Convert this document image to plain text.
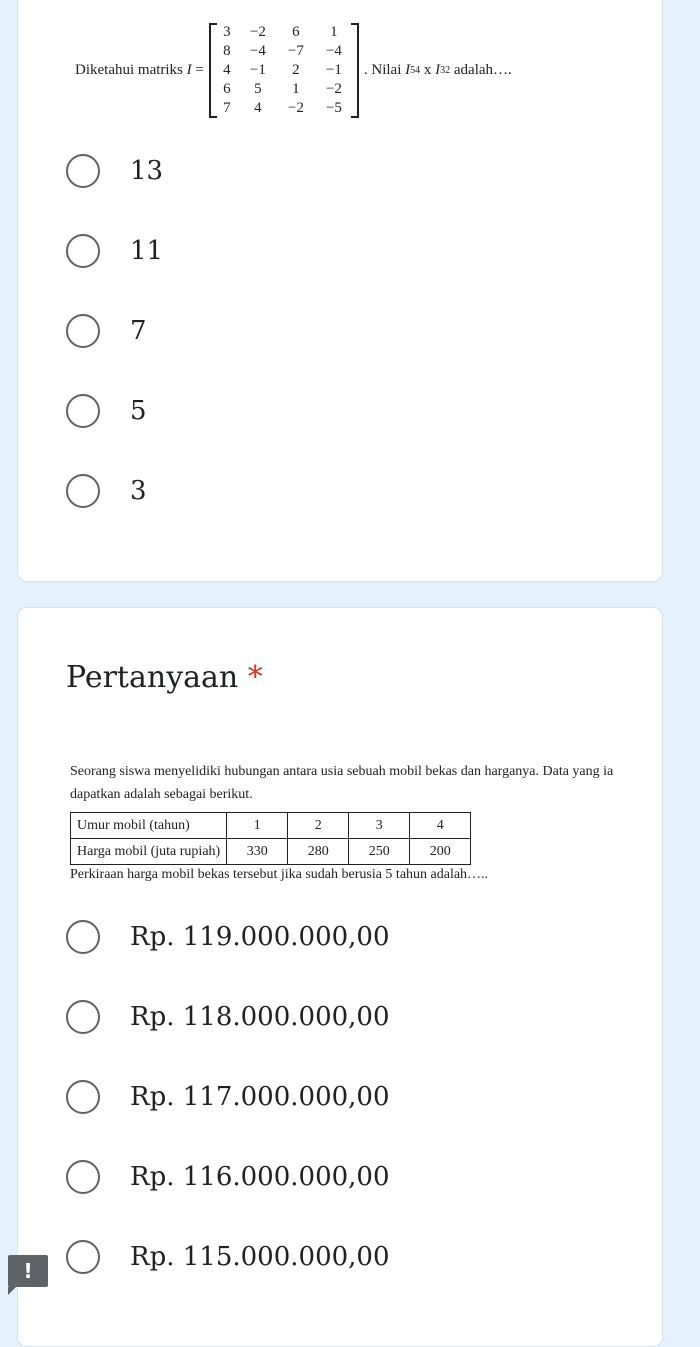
Diketahui matriks
I
=
3	−2	6	1
8	−4	−7	−4
4	−1	2	−1
6	5	1	−2
7	4	−2	−5
. Nilai
I 54
x
I 32
adalah….
13
11
7
5
3
Pertanyaan *
Seorang siswa menyelidiki hubungan antara usia sebuah mobil bekas dan harganya. Data yang ia dapatkan adalah sebagai berikut.
Umur mobil (tahun)	1	2	3	4
Harga mobil (juta rupiah)	330	280	250	200
Perkiraan harga mobil bekas tersebut jika sudah berusia 5 tahun adalah…..
Rp. 119.000.000,00
Rp. 118.000.000,00
Rp. 117.000.000,00
Rp. 116.000.000,00
Rp. 115.000.000,00
!
